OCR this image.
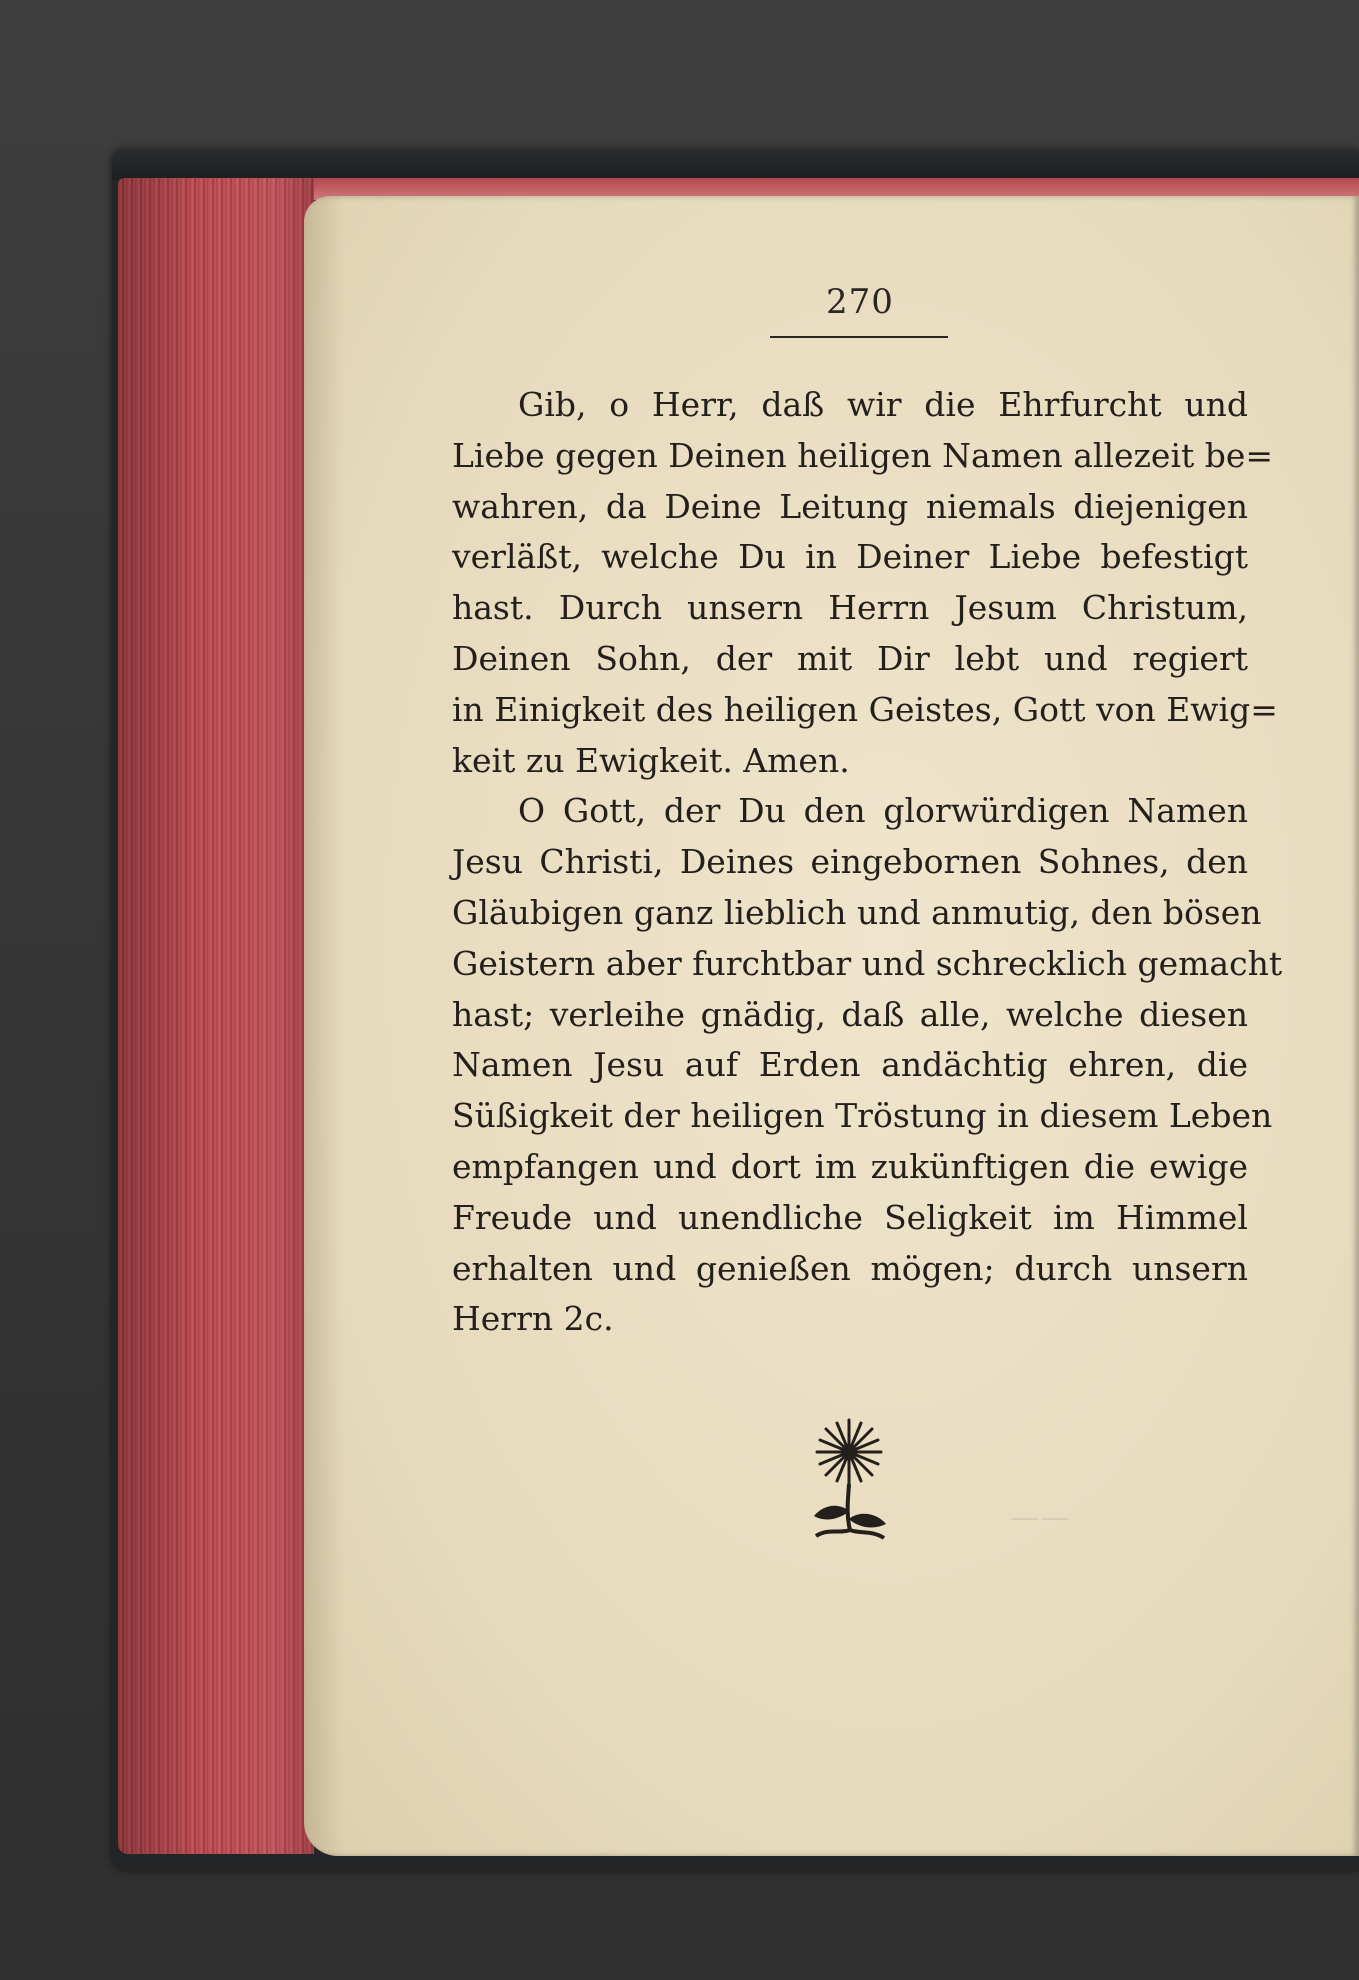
270
Gib, o Herr, daß wir die Ehrfurcht und
Liebe gegen Deinen heiligen Namen allezeit be=
wahren, da Deine Leitung niemals diejenigen
verläßt, welche Du in Deiner Liebe befestigt
hast. Durch unsern Herrn Jesum Christum,
Deinen Sohn, der mit Dir lebt und regiert
in Einigkeit des heiligen Geistes, Gott von Ewig=
keit zu Ewigkeit. Amen.
O Gott, der Du den glorwürdigen Namen
Jesu Christi, Deines eingebornen Sohnes, den
Gläubigen ganz lieblich und anmutig, den bösen
Geistern aber furchtbar und schrecklich gemacht
hast; verleihe gnädig, daß alle, welche diesen
Namen Jesu auf Erden andächtig ehren, die
Süßigkeit der heiligen Tröstung in diesem Leben
empfangen und dort im zukünftigen die ewige
Freude und unendliche Seligkeit im Himmel
erhalten und genießen mögen; durch unsern
Herrn 2c.
——
